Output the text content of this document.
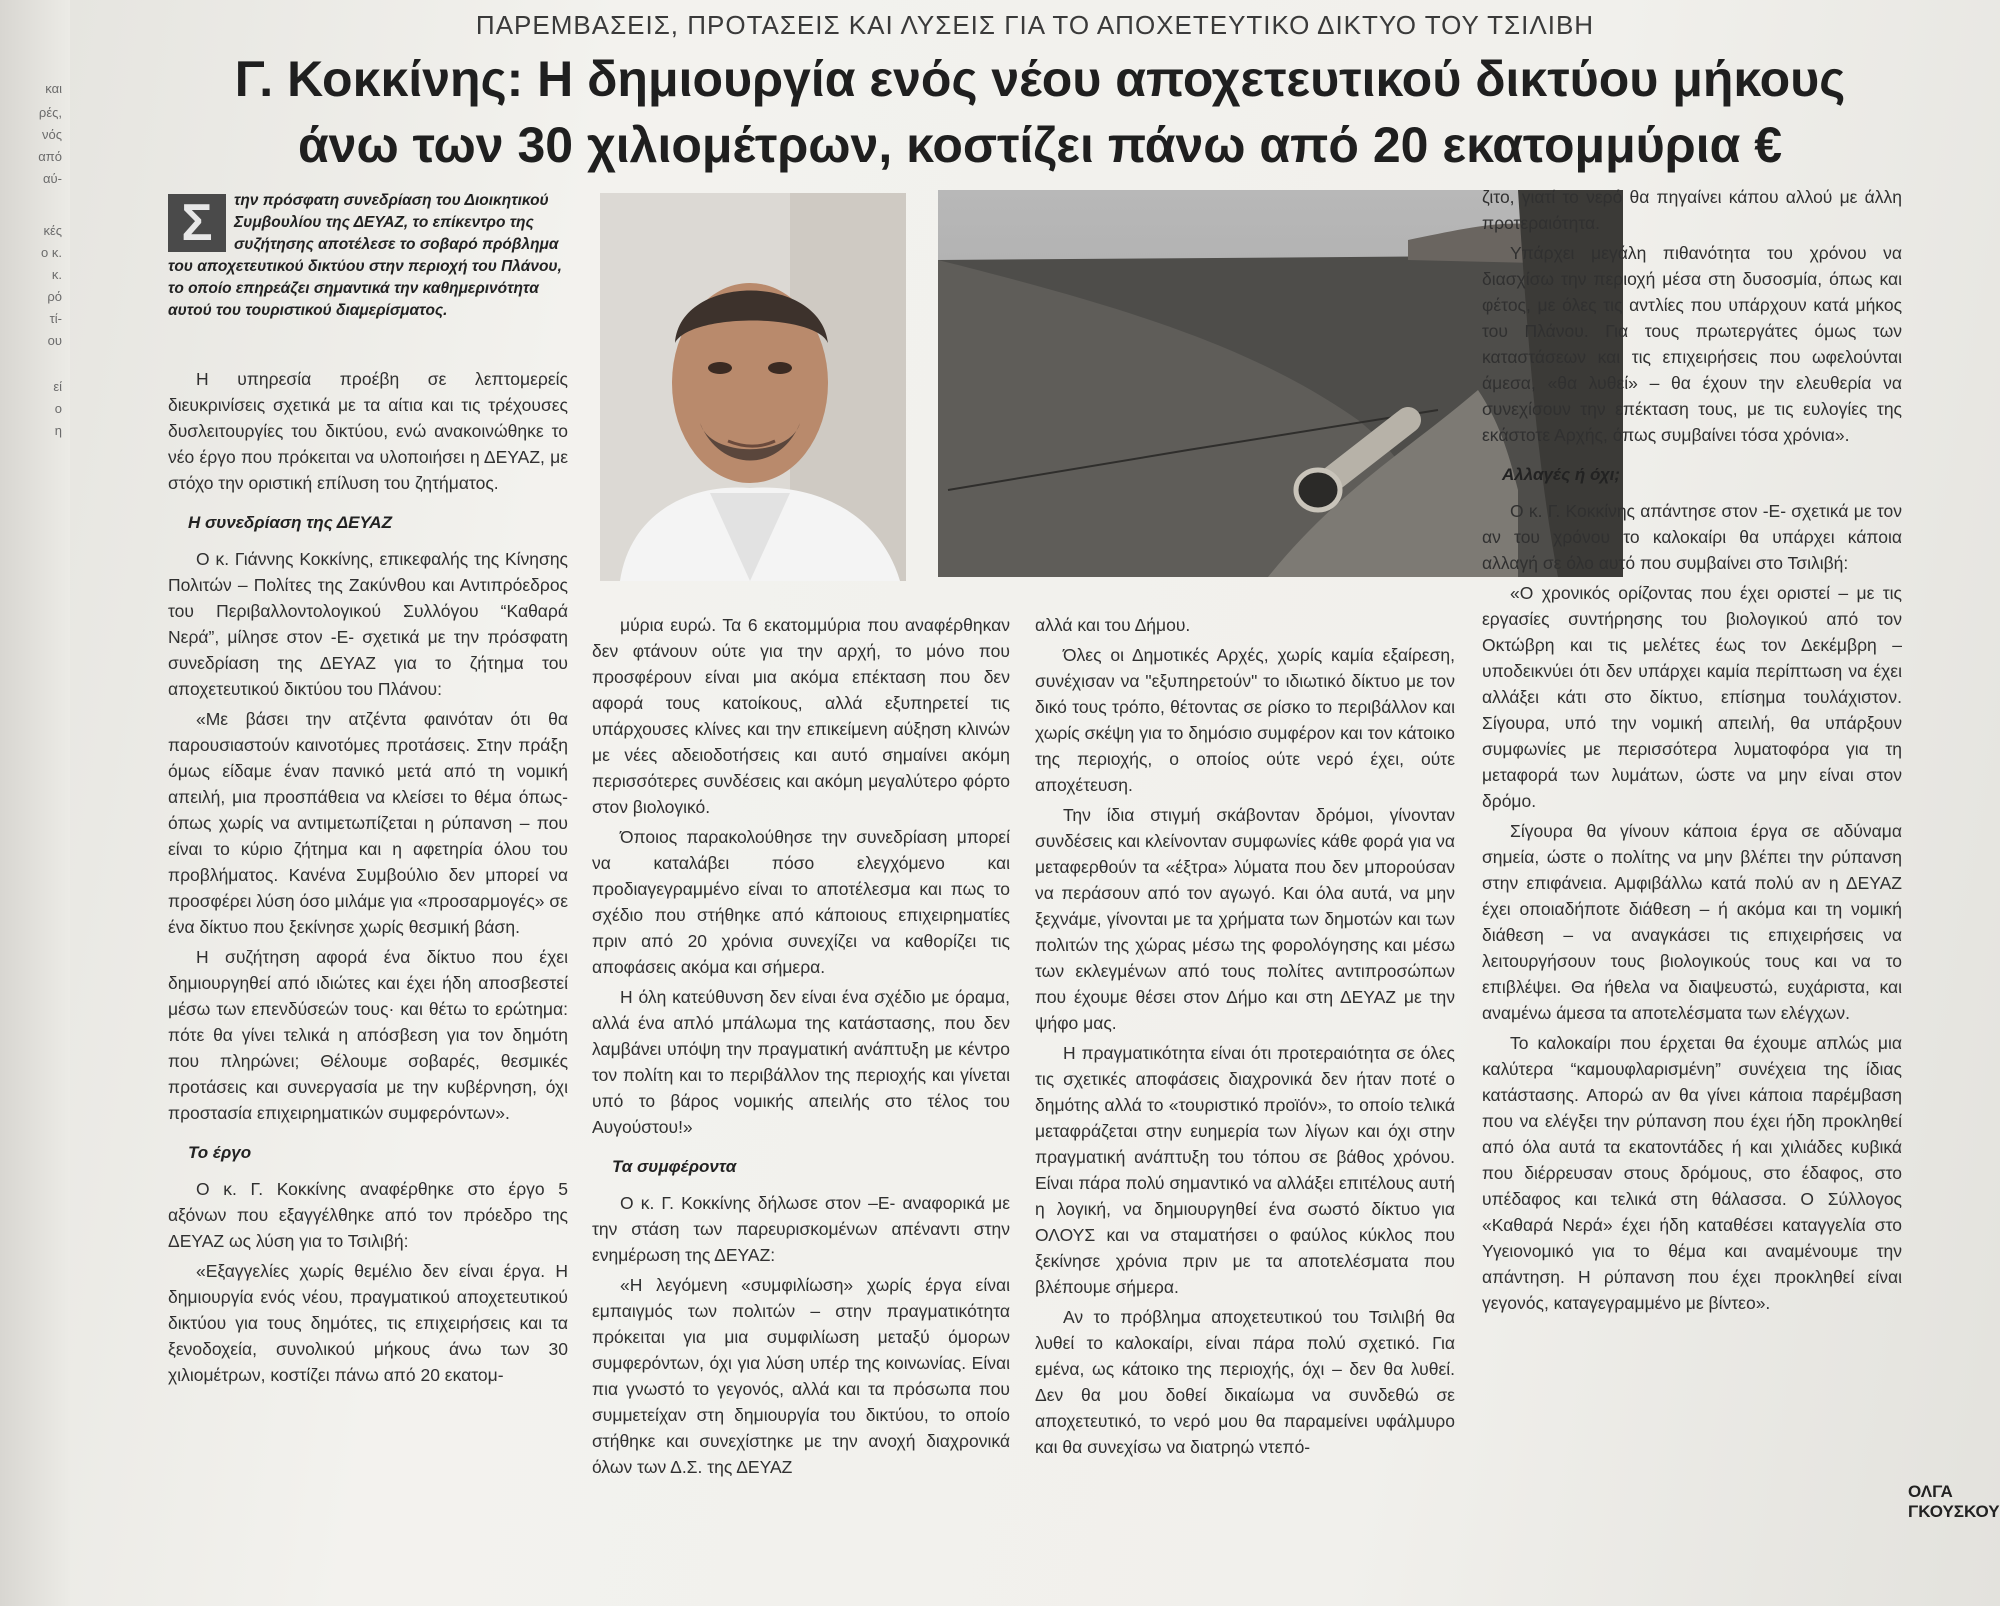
και
ρές,
νός
από
αύ-
κές
ο κ.
κ.
ρό
τί-
ου
εί
ο
η
ΠΑΡΕΜΒΑΣΕΙΣ, ΠΡΟΤΑΣΕΙΣ ΚΑΙ ΛΥΣΕΙΣ ΓΙΑ ΤΟ ΑΠΟΧΕΤΕΥΤΙΚΟ ΔΙΚΤΥΟ ΤΟΥ ΤΣΙΛΙΒΗ
Γ. Κοκκίνης: Η δημιουργία ενός νέου αποχετευτικού δικτύου μήκους
άνω των 30 χιλιομέτρων, κοστίζει πάνω από 20 εκατομμύρια €
Σ	την πρόσφατη συνεδρίαση του Διοικητικού Συμβουλίου της ΔΕΥΑΖ, το επίκεντρο της συζήτησης αποτέλεσε το σοβαρό πρόβλημα του αποχετευτικού δικτύου στην περιοχή του Πλάνου, το οποίο επηρεάζει σημαντικά την καθημερινότητα αυτού του τουριστικού διαμερίσματος.

Η υπηρεσία προέβη σε λεπτομερείς διευκρινίσεις σχετικά με τα αίτια και τις τρέχουσες δυσλειτουργίες του δικτύου, ενώ ανακοινώθηκε το νέο έργο που πρόκειται να υλοποιήσει η ΔΕΥΑΖ, με στόχο την οριστική επίλυση του ζητήματος.

Η συνεδρίαση της ΔΕΥΑΖ

Ο κ. Γιάννης Κοκκίνης, επικεφαλής της Κίνησης Πολιτών – Πολίτες της Ζακύνθου και Αντιπρόεδρος του Περιβαλλοντολογικού Συλλόγου “Καθαρά Νερά”, μίλησε στον -Ε- σχετικά με την πρόσφατη συνεδρίαση της ΔΕΥΑΖ για το ζήτημα του αποχετευτικού δικτύου του Πλάνου:

«Με βάσει την ατζέντα φαινόταν ότι θα παρουσιαστούν καινοτόμες προτάσεις. Στην πράξη όμως είδαμε έναν πανικό μετά από τη νομική απειλή, μια προσπάθεια να κλείσει το θέμα όπως-όπως χωρίς να αντιμετωπίζεται η ρύπανση – που είναι το κύριο ζήτημα και η αφετηρία όλου του προβλήματος. Κανένα Συμβούλιο δεν μπορεί να προσφέρει λύση όσο μιλάμε για «προσαρμογές» σε ένα δίκτυο που ξεκίνησε χωρίς θεσμική βάση.

Η συζήτηση αφορά ένα δίκτυο που έχει δημιουργηθεί από ιδιώτες και έχει ήδη αποσβεστεί μέσω των επενδύσεών τους· και θέτω το ερώτημα: πότε θα γίνει τελικά η απόσβεση για τον δημότη που πληρώνει; Θέλουμε σοβαρές, θεσμικές προτάσεις και συνεργασία με την κυβέρνηση, όχι προστασία επιχειρηματικών συμφερόντων».

Το έργο

Ο κ. Γ. Κοκκίνης αναφέρθηκε στο έργο 5 αξόνων που εξαγγέλθηκε από τον πρόεδρο της ΔΕΥΑΖ ως λύση για το Τσιλιβή:

«Εξαγγελίες χωρίς θεμέλιο δεν είναι έργα. Η δημιουργία ενός νέου, πραγματικού αποχετευτικού δικτύου για τους δημότες, τις επιχειρήσεις και τα ξενοδοχεία, συνολικού μήκους άνω των 30 χιλιομέτρων, κοστίζει πάνω από 20 εκατομ-

μύρια ευρώ. Τα 6 εκατομμύρια που αναφέρθηκαν δεν φτάνουν ούτε για την αρχή, το μόνο που προσφέρουν είναι μια ακόμα επέκταση που δεν αφορά τους κατοίκους, αλλά εξυπηρετεί τις υπάρχουσες κλίνες και την επικείμενη αύξηση κλινών με νέες αδειοδοτήσεις και αυτό σημαίνει ακόμη περισσότερες συνδέσεις και ακόμη μεγαλύτερο φόρτο στον βιολογικό.

Όποιος παρακολούθησε την συνεδρίαση μπορεί να καταλάβει πόσο ελεγχόμενο και προδιαγεγραμμένο είναι το αποτέλεσμα και πως το σχέδιο που στήθηκε από κάποιους επιχειρηματίες πριν από 20 χρόνια συνεχίζει να καθορίζει τις αποφάσεις ακόμα και σήμερα.

Η όλη κατεύθυνση δεν είναι ένα σχέδιο με όραμα, αλλά ένα απλό μπάλωμα της κατάστασης, που δεν λαμβάνει υπόψη την πραγματική ανάπτυξη με κέντρο τον πολίτη και το περιβάλλον της περιοχής και γίνεται υπό το βάρος νομικής απειλής στο τέλος του Αυγούστου!»

Τα συμφέροντα

Ο κ. Γ. Κοκκίνης δήλωσε στον –Ε- αναφορικά με την στάση των παρευρισκομένων απέναντι στην ενημέρωση της ΔΕΥΑΖ:

«Η λεγόμενη «συμφιλίωση» χωρίς έργα είναι εμπαιγμός των πολιτών – στην πραγματικότητα πρόκειται για μια συμφιλίωση μεταξύ όμορων συμφερόντων, όχι για λύση υπέρ της κοινωνίας. Είναι πια γνωστό το γεγονός, αλλά και τα πρόσωπα που συμμετείχαν στη δημιουργία του δικτύου, το οποίο στήθηκε και συνεχίστηκε με την ανοχή διαχρονικά όλων των Δ.Σ. της ΔΕΥΑΖ

αλλά και του Δήμου.

Όλες οι Δημοτικές Αρχές, χωρίς καμία εξαίρεση, συνέχισαν να "εξυπηρετούν" το ιδιωτικό δίκτυο με τον δικό τους τρόπο, θέτοντας σε ρίσκο το περιβάλλον και χωρίς σκέψη για το δημόσιο συμφέρον και τον κάτοικο της περιοχής, ο οποίος ούτε νερό έχει, ούτε αποχέτευση.

Την ίδια στιγμή σκάβονταν δρόμοι, γίνονταν συνδέσεις και κλείνονταν συμφωνίες κάθε φορά για να μεταφερθούν τα «έξτρα» λύματα που δεν μπορούσαν να περάσουν από τον αγωγό. Και όλα αυτά, να μην ξεχνάμε, γίνονται με τα χρήματα των δημοτών και των πολιτών της χώρας μέσω της φορολόγησης και μέσω των εκλεγμένων από τους πολίτες αντιπροσώπων που έχουμε θέσει στον Δήμο και στη ΔΕΥΑΖ με την ψήφο μας.

Η πραγματικότητα είναι ότι προτεραιότητα σε όλες τις σχετικές αποφάσεις διαχρονικά δεν ήταν ποτέ ο δημότης αλλά το «τουριστικό προϊόν», το οποίο τελικά μεταφράζεται στην ευημερία των λίγων και όχι στην πραγματική ανάπτυξη του τόπου σε βάθος χρόνου. Είναι πάρα πολύ σημαντικό να αλλάξει επιτέλους αυτή η λογική, να δημιουργηθεί ένα σωστό δίκτυο για ΟΛΟΥΣ και να σταματήσει ο φαύλος κύκλος που ξεκίνησε χρόνια πριν με τα αποτελέσματα που βλέπουμε σήμερα.

Αν το πρόβλημα αποχετευτικού του Τσιλιβή θα λυθεί το καλοκαίρι, είναι πάρα πολύ σχετικό. Για εμένα, ως κάτοικο της περιοχής, όχι – δεν θα λυθεί. Δεν θα μου δοθεί δικαίωμα να συνδεθώ σε αποχετευτικό, το νερό μου θα παραμείνει υφάλμυρο και θα συνεχίσω να διατρηώ ντεπό-

ζιτο, γιατί το νερό θα πηγαίνει κάπου αλλού με άλλη προτεραιότητα.

Υπάρχει μεγάλη πιθανότητα του χρόνου να διασχίσω την περιοχή μέσα στη δυσοσμία, όπως και φέτος, με όλες τις αντλίες που υπάρχουν κατά μήκος του Πλάνου. Για τους πρωτεργάτες όμως των καταστάσεων και τις επιχειρήσεις που ωφελούνται άμεσα, «θα λυθεί» – θα έχουν την ελευθερία να συνεχίσουν την επέκταση τους, με τις ευλογίες της εκάστοτε Αρχής, όπως συμβαίνει τόσα χρόνια».

Αλλαγές ή όχι;

Ο κ. Γ. Κοκκίνης απάντησε στον -Ε- σχετικά με τον αν του χρόνου το καλοκαίρι θα υπάρχει κάποια αλλαγή σε όλο αυτό που συμβαίνει στο Τσιλιβή:

«Ο χρονικός ορίζοντας που έχει οριστεί – με τις εργασίες συντήρησης του βιολογικού από τον Οκτώβρη και τις μελέτες έως τον Δεκέμβρη – υποδεικνύει ότι δεν υπάρχει καμία περίπτωση να έχει αλλάξει κάτι στο δίκτυο, επίσημα τουλάχιστον. Σίγουρα, υπό την νομική απειλή, θα υπάρξουν συμφωνίες με περισσότερα λυματοφόρα για τη μεταφορά των λυμάτων, ώστε να μην είναι στον δρόμο.

Σίγουρα θα γίνουν κάποια έργα σε αδύναμα σημεία, ώστε ο πολίτης να μην βλέπει την ρύπανση στην επιφάνεια. Αμφιβάλλω κατά πολύ αν η ΔΕΥΑΖ έχει οποιαδήποτε διάθεση – ή ακόμα και τη νομική διάθεση – να αναγκάσει τις επιχειρήσεις να λειτουργήσουν τους βιολογικούς τους και να το επιβλέψει. Θα ήθελα να διαψευστώ, ευχάριστα, και αναμένω άμεσα τα αποτελέσματα των ελέγχων.

Το καλοκαίρι που έρχεται θα έχουμε απλώς μια καλύτερα “καμουφλαρισμένη” συνέχεια της ίδιας κατάστασης. Απορώ αν θα γίνει κάποια παρέμβαση που να ελέγξει την ρύπανση που έχει ήδη προκληθεί από όλα αυτά τα εκατοντάδες ή και χιλιάδες κυβικά που διέρρευσαν στους δρόμους, στο έδαφος, στο υπέδαφος και τελικά στη θάλασσα. Ο Σύλλογος «Καθαρά Νερά» έχει ήδη καταθέσει καταγγελία στο Υγειονομικό για το θέμα και αναμένουμε την απάντηση. Η ρύπανση που έχει προκληθεί είναι γεγονός, καταγεγραμμένο με βίντεο».

ΟΛΓΑ ΓΚΟΥΣΚΟΥ
